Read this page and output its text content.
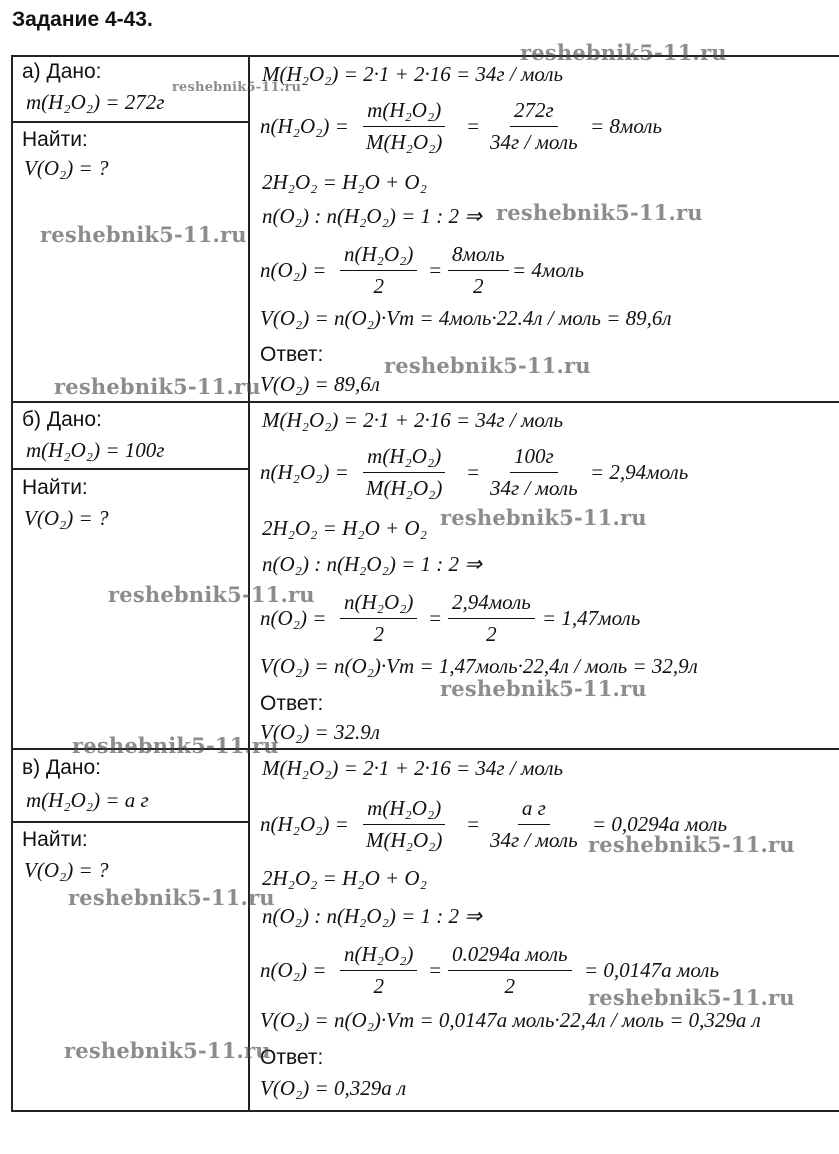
Задание 4-43.
а) Дано:
m(H₂O₂) = 272г
Найти:
V(O₂) = ?
M(H₂O₂) = 2·1 + 2·16 = 34г / моль
$n(H_2O_2) = \frac{\text{m(H₂O₂)}}{\text{M(H₂O₂)}}$ =
272г
34г / моль
= 8моль
2H₂O₂ = H₂O + O₂
n(O₂) : n(H₂O₂) = 1 : 2 ⇒
$n(O_2) = \frac{\text{n(H₂O₂)}}{2}$ =
8моль
2
= 4моль
V(O₂) = n(O₂)·Vm = 4моль·22.4л / моль = 89,6л
Ответ:
V(O₂) = 89,6л
б) Дано:
m(H₂O₂) = 100г
Найти:
V(O₂) = ?
M(H₂O₂) = 2·1 + 2·16 = 34г / моль
$n(H_2O_2) = \frac{\text{m(H₂O₂)}}{\text{M(H₂O₂)}}$ =
100г
34г / моль
= 2,94моль
2H₂O₂ = H₂O + O₂
n(O₂) : n(H₂O₂) = 1 : 2 ⇒
$n(O_2) = \frac{\text{n(H₂O₂)}}{2}$ =
2,94моль
2
= 1,47моль
V(O₂) = n(O₂)·Vm = 1,47моль·22,4л / моль = 32,9л
Ответ:
V(O₂) = 32.9л
в) Дано:
m(H₂O₂) = a г
Найти:
V(O₂) = ?
M(H₂O₂) = 2·1 + 2·16 = 34г / моль
$n(H_2O_2) = \frac{\text{m(H₂O₂)}}{\text{M(H₂O₂)}}$ =
a г
34г / моль
= 0,0294a моль
2H₂O₂ = H₂O + O₂
n(O₂) : n(H₂O₂) = 1 : 2 ⇒
$n(O_2) = \frac{\text{n(H₂O₂)}}{2}$ =
0.0294a моль
2
= 0,0147a моль
V(O₂) = n(O₂)·Vm = 0,0147a моль·22,4л / моль = 0,329a л
Ответ:
V(O₂) = 0,329a л
reshebnik5-11.ru
reshebnik5-11.ru
reshebnik5-11.ru
reshebnik5-11.ru
reshebnik5-11.ru
reshebnik5-11.ru
reshebnik5-11.ru
reshebnik5-11.ru
reshebnik5-11.ru
reshebnik5-11.ru
reshebnik5-11.ru
reshebnik5-11.ru
reshebnik5-11.ru
reshebnik5-11.ru
